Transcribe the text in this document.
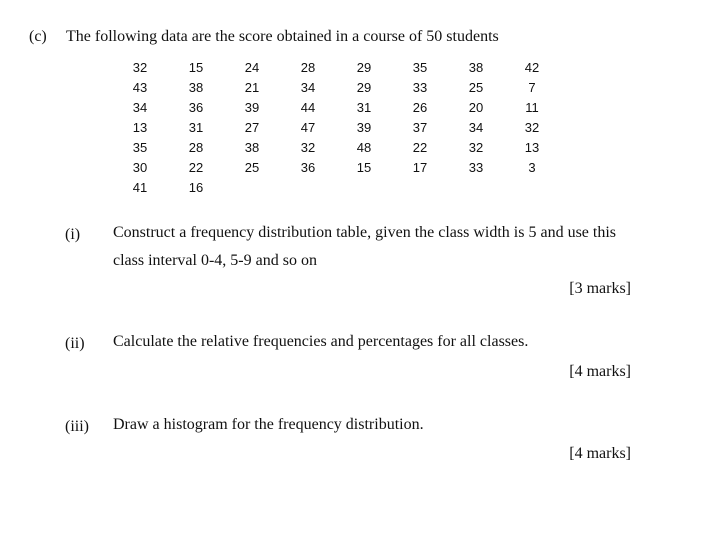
(c) The following data are the score obtained in a course of 50 students
32	15	24	28	29	35	38	42
43	38	21	34	29	33	25	7
34	36	39	44	31	26	20	11
13	31	27	47	39	37	34	32
35	28	38	32	48	22	32	13
30	22	25	36	15	17	33	3
41	16
(i) Construct a frequency distribution table, given the class width is 5 and use this
class interval 0-4, 5-9 and so on
[3 marks]
(ii) Calculate the relative frequencies and percentages for all classes.
[4 marks]
(iii) Draw a histogram for the frequency distribution.
[4 marks]
